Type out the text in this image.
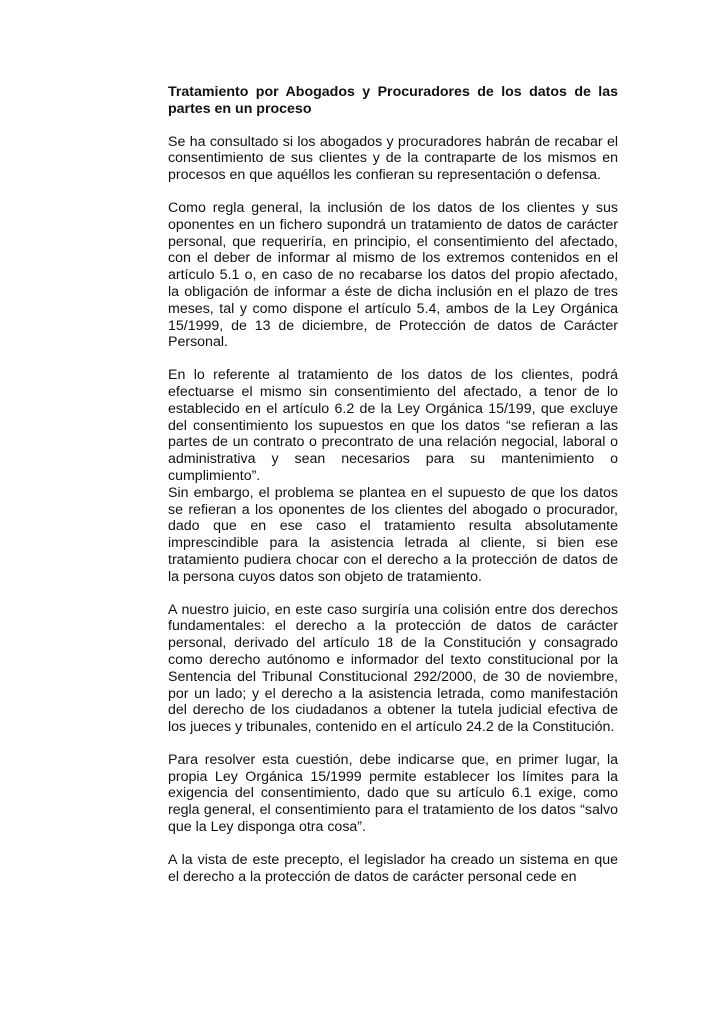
Tratamiento por Abogados y Procuradores de los datos de las partes en un proceso
Se ha consultado si los abogados y procuradores habrán de recabar el consentimiento de sus clientes y de la contraparte de los mismos en procesos en que aquéllos les confieran su representación o defensa.
Como regla general, la inclusión de los datos de los clientes y sus oponentes en un fichero supondrá un tratamiento de datos de carácter personal, que requeriría, en principio, el consentimiento del afectado, con el deber de informar al mismo de los extremos contenidos en el artículo 5.1 o, en caso de no recabarse los datos del propio afectado, la obligación de informar a éste de dicha inclusión en el plazo de tres meses, tal y como dispone el artículo 5.4, ambos de la Ley Orgánica 15/1999, de 13 de diciembre, de Protección de datos de Carácter Personal.
En lo referente al tratamiento de los datos de los clientes, podrá efectuarse el mismo sin consentimiento del afectado, a tenor de lo establecido en el artículo 6.2 de la Ley Orgánica 15/199, que excluye del consentimiento los supuestos en que los datos “se refieran a las partes de un contrato o precontrato de una relación negocial, laboral o administrativa y sean necesarios para su mantenimiento o cumplimiento”.
Sin embargo, el problema se plantea en el supuesto de que los datos se refieran a los oponentes de los clientes del abogado o procurador, dado que en ese caso el tratamiento resulta absolutamente imprescindible para la asistencia letrada al cliente, si bien ese tratamiento pudiera chocar con el derecho a la protección de datos de la persona cuyos datos son objeto de tratamiento.
A nuestro juicio, en este caso surgiría una colisión entre dos derechos fundamentales: el derecho a la protección de datos de carácter personal, derivado del artículo 18 de la Constitución y consagrado como derecho autónomo e informador del texto constitucional por la Sentencia del Tribunal Constitucional 292/2000, de 30 de noviembre, por un lado; y el derecho a la asistencia letrada, como manifestación del derecho de los ciudadanos a obtener la tutela judicial efectiva de los jueces y tribunales, contenido en el artículo 24.2 de la Constitución.
Para resolver esta cuestión, debe indicarse que, en primer lugar, la propia Ley Orgánica 15/1999 permite establecer los límites para la exigencia del consentimiento, dado que su artículo 6.1 exige, como regla general, el consentimiento para el tratamiento de los datos “salvo que la Ley disponga otra cosa”.
A la vista de este precepto, el legislador ha creado un sistema en que el derecho a la protección de datos de carácter personal cede en
